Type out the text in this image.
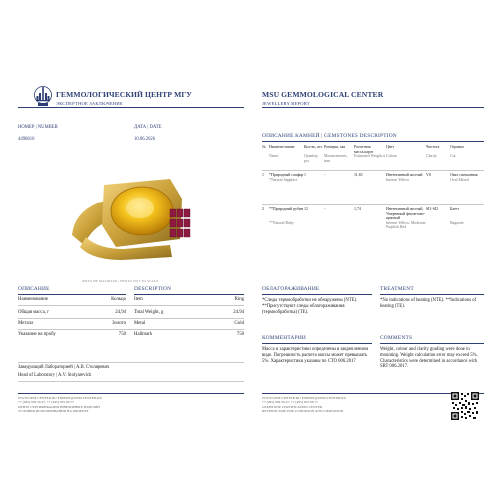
ГЕММОЛОГИЧЕСКИЙ ЦЕНТР МГУ
ЭКСПЕРТНОЕ ЗАКЛЮЧЕНИЕ
MSU GEMMOLOGICAL CENTER
JEWELLERY REPORT
НОМЕР | NUMBER
4496810
ДАТА | DATE
10.06.2026
ФОТО НЕ МАСШТАБ | PHOTO NOT TO SCALE
ОПИСАНИЕ	DESCRIPTION
Наименование	Кольцо Item	Ring
Общая масса, г	24,94 Total Weight, g	24.94
Металл	Золото Metal	Gold
Указание на пробу	750 Hallmark	750
Заведующий Лабораторией | А.В. Столяревич
Head of Laboratory | A.V. Stolyarevich
ОПИСАНИЕ КАМНЕЙ | GEMSTONES DESCRIPTION
№	Наимено-вание	Кол-во, шт.	Размеры, мм	Расчетная масса,карат	Цвет	Чистота	Огранка
	Name	Quantity, pcs	Measurements, mm	Estimated Weight,ct	Colour	Clarity	Cut
1	*Природный сапфир	1	-	11,65	Интенсивный желтый	VS	Овал смешанная
	*Natural Sapphire				Intense Yellow		Oval Mixed
2	**Природный рубин	12	-	1,74	Интенсивный желтый, Умеренный фиолетово-красный	SI1-SI2	Багет
	**Natural Ruby				Intense Yellow, Moderate Purplish Red		Baguette
ОБЛАГОРАЖИВАНИЕ	TREATMENT
*Следы термообработки не обнаружены (NTE). **Присутствуют следы облагораживания (термообработка) (TE).
*No indications of heating (NTE). **Indications of heating (TE).
КОММЕНТАРИИ	COMMENTS
Масса и характеристики определены в закрепленном виде. Погрешность расчета массы может превышать 5%. Характеристики указаны по СТО 006.2017
Weight, colour and clarity grading were done in mounting. Weight calculation error may exceed 5%. Characteristics were determined in accordance with SRT 006.2017.
WWW.GEM-CENTER.RU EXPERT@GEM-CENTER.RU
+7 (495) 939 56 47, +7 (495) 955 66 77
ЦЕНТР СЕРТИФИКАЦИИ ЮВЕЛИРНЫХ ИЗДЕЛИЙ
УСЛОВИЯ ИСПОЛЬЗОВАНИЯ НА ОБОРОТЕ
WWW.GEM-CENTER.RU EXPERT@GEM-CENTER.RU
+7 (495) 939 56 47, +7 (495) 955 66 77
GEMSTONE CERTIFICATION CENTER
REVERSE SIDE FOR CONDITION AND LIMITATION
